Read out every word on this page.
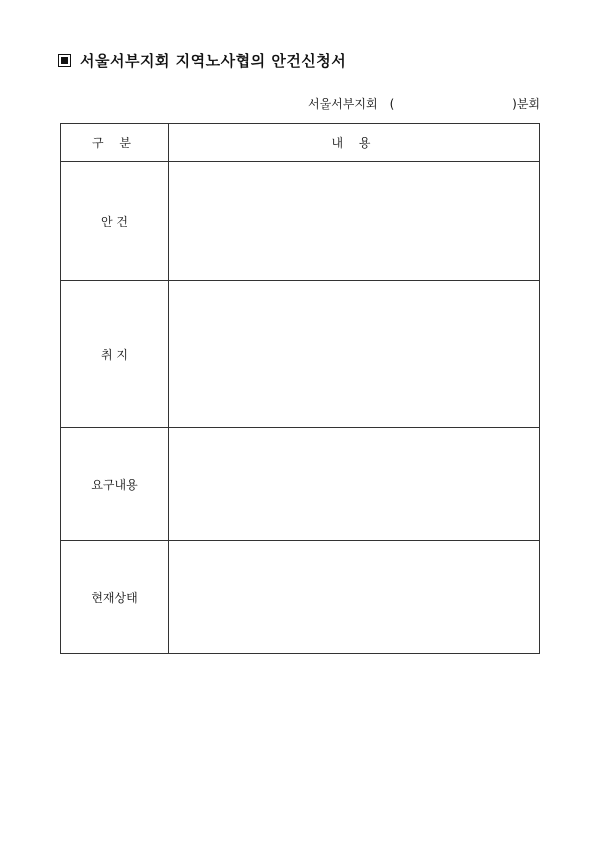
서울서부지회 지역노사협의 안건신청서
서울서부지회 (	) 분회
구 분	내 용
안 건	
취 지	
요구내용	
현재상태	
